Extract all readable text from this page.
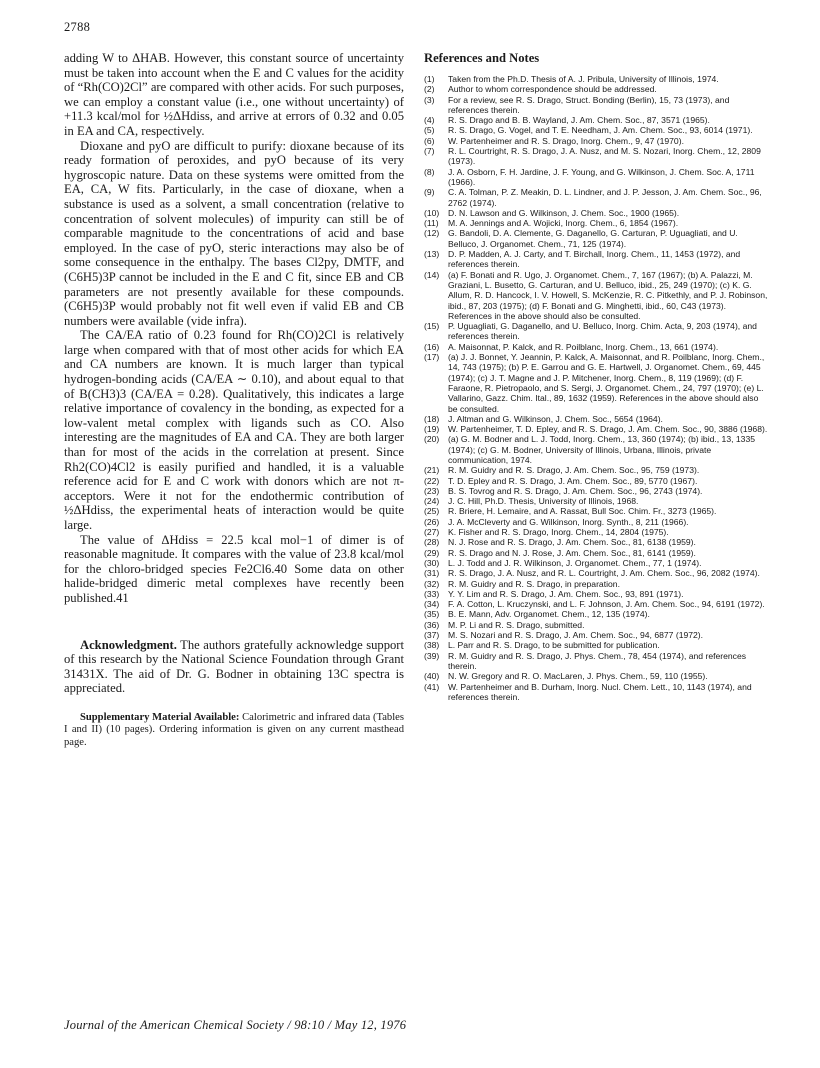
2788

adding W to ΔHAB. However, this constant source of uncertainty must be taken into account when the E and C values for the acidity of “Rh(CO)2Cl” are compared with other acids. For such purposes, we can employ a constant value (i.e., one without uncertainty) of +11.3 kcal/mol for ½ΔHdiss, and arrive at errors of 0.32 and 0.05 in EA and CA, respectively.

Dioxane and pyO are difficult to purify: dioxane because of its ready formation of peroxides, and pyO because of its very hygroscopic nature. Data on these systems were omitted from the EA, CA, W fits. Particularly, in the case of dioxane, when a substance is used as a solvent, a small concentration (relative to concentration of solvent molecules) of impurity can still be of comparable magnitude to the concentrations of acid and base employed. In the case of pyO, steric interactions may also be of some consequence in the enthalpy. The bases Cl2py, DMTF, and (C6H5)3P cannot be included in the E and C fit, since EB and CB parameters are not presently available for these compounds. (C6H5)3P would probably not fit well even if valid EB and CB numbers were available (vide infra).

The CA/EA ratio of 0.23 found for Rh(CO)2Cl is relatively large when compared with that of most other acids for which EA and CA numbers are known. It is much larger than typical hydrogen-bonding acids (CA/EA ∼ 0.10), and about equal to that of B(CH3)3 (CA/EA = 0.28). Qualitatively, this indicates a large relative importance of covalency in the bonding, as expected for a low-valent metal complex with ligands such as CO. Also interesting are the magnitudes of EA and CA. They are both larger than for most of the acids in the correlation at present. Since Rh2(CO)4Cl2 is easily purified and handled, it is a valuable reference acid for E and C work with donors which are not π-acceptors. Were it not for the endothermic contribution of ½ΔHdiss, the experimental heats of interaction would be quite large.

The value of ΔHdiss = 22.5 kcal mol−1 of dimer is of reasonable magnitude. It compares with the value of 23.8 kcal/mol for the chloro-bridged species Fe2Cl6.40 Some data on other halide-bridged dimeric metal complexes have recently been published.41

Acknowledgment. The authors gratefully acknowledge support of this research by the National Science Foundation through Grant 31431X. The aid of Dr. G. Bodner in obtaining 13C spectra is appreciated.

Supplementary Material Available: Calorimetric and infrared data (Tables I and II) (10 pages). Ordering information is given on any current masthead page.

References and Notes
(1)	Taken from the Ph.D. Thesis of A. J. Pribula, University of Illinois, 1974.
(2)	Author to whom correspondence should be addressed.
(3)	For a review, see R. S. Drago, Struct. Bonding (Berlin), 15, 73 (1973), and references therein.
(4)	R. S. Drago and B. B. Wayland, J. Am. Chem. Soc., 87, 3571 (1965).
(5)	R. S. Drago, G. Vogel, and T. E. Needham, J. Am. Chem. Soc., 93, 6014 (1971).
(6)	W. Partenheimer and R. S. Drago, Inorg. Chem., 9, 47 (1970).
(7)	R. L. Courtright, R. S. Drago, J. A. Nusz, and M. S. Nozari, Inorg. Chem., 12, 2809 (1973).
(8)	J. A. Osborn, F. H. Jardine, J. F. Young, and G. Wilkinson, J. Chem. Soc. A, 1711 (1966).
(9)	C. A. Tolman, P. Z. Meakin, D. L. Lindner, and J. P. Jesson, J. Am. Chem. Soc., 96, 2762 (1974).
(10)	D. N. Lawson and G. Wilkinson, J. Chem. Soc., 1900 (1965).
(11)	M. A. Jennings and A. Wojicki, Inorg. Chem., 6, 1854 (1967).
(12)	G. Bandoli, D. A. Clemente, G. Daganello, G. Carturan, P. Uguagliati, and U. Belluco, J. Organomet. Chem., 71, 125 (1974).
(13)	D. P. Madden, A. J. Carty, and T. Birchall, Inorg. Chem., 11, 1453 (1972), and references therein.
(14)	(a) F. Bonati and R. Ugo, J. Organomet. Chem., 7, 167 (1967); (b) A. Palazzi, M. Graziani, L. Busetto, G. Carturan, and U. Belluco, ibid., 25, 249 (1970); (c) K. G. Allum, R. D. Hancock, I. V. Howell, S. McKenzie, R. C. Pitkethly, and P. J. Robinson, ibid., 87, 203 (1975); (d) F. Bonati and G. Minghetti, ibid., 60, C43 (1973). References in the above should also be consulted.
(15)	P. Uguagliati, G. Daganello, and U. Belluco, Inorg. Chim. Acta, 9, 203 (1974), and references therein.
(16)	A. Maisonnat, P. Kalck, and R. Poilblanc, Inorg. Chem., 13, 661 (1974).
(17)	(a) J. J. Bonnet, Y. Jeannin, P. Kalck, A. Maisonnat, and R. Poilblanc, Inorg. Chem., 14, 743 (1975); (b) P. E. Garrou and G. E. Hartwell, J. Organomet. Chem., 69, 445 (1974); (c) J. T. Magne and J. P. Mitchener, Inorg. Chem., 8, 119 (1969); (d) F. Faraone, R. Pietropaolo, and S. Sergi, J. Organomet. Chem., 24, 797 (1970); (e) L. Vallarino, Gazz. Chim. Ital., 89, 1632 (1959). References in the above should also be consulted.
(18)	J. Altman and G. Wilkinson, J. Chem. Soc., 5654 (1964).
(19)	W. Partenheimer, T. D. Epley, and R. S. Drago, J. Am. Chem. Soc., 90, 3886 (1968).
(20)	(a) G. M. Bodner and L. J. Todd, Inorg. Chem., 13, 360 (1974); (b) ibid., 13, 1335 (1974); (c) G. M. Bodner, University of Illinois, Urbana, Illinois, private communication, 1974.
(21)	R. M. Guidry and R. S. Drago, J. Am. Chem. Soc., 95, 759 (1973).
(22)	T. D. Epley and R. S. Drago, J. Am. Chem. Soc., 89, 5770 (1967).
(23)	B. S. Tovrog and R. S. Drago, J. Am. Chem. Soc., 96, 2743 (1974).
(24)	J. C. Hill, Ph.D. Thesis, University of Illinois, 1968.
(25)	R. Briere, H. Lemaire, and A. Rassat, Bull Soc. Chim. Fr., 3273 (1965).
(26)	J. A. McCleverty and G. Wilkinson, Inorg. Synth., 8, 211 (1966).
(27)	K. Fisher and R. S. Drago, Inorg. Chem., 14, 2804 (1975).
(28)	N. J. Rose and R. S. Drago, J. Am. Chem. Soc., 81, 6138 (1959).
(29)	R. S. Drago and N. J. Rose, J. Am. Chem. Soc., 81, 6141 (1959).
(30)	L. J. Todd and J. R. Wilkinson, J. Organomet. Chem., 77, 1 (1974).
(31)	R. S. Drago, J. A. Nusz, and R. L. Courtright, J. Am. Chem. Soc., 96, 2082 (1974).
(32)	R. M. Guidry and R. S. Drago, in preparation.
(33)	Y. Y. Lim and R. S. Drago, J. Am. Chem. Soc., 93, 891 (1971).
(34)	F. A. Cotton, L. Kruczynski, and L. F. Johnson, J. Am. Chem. Soc., 94, 6191 (1972).
(35)	B. E. Mann, Adv. Organomet. Chem., 12, 135 (1974).
(36)	M. P. Li and R. S. Drago, submitted.
(37)	M. S. Nozari and R. S. Drago, J. Am. Chem. Soc., 94, 6877 (1972).
(38)	L. Parr and R. S. Drago, to be submitted for publication.
(39)	R. M. Guidry and R. S. Drago, J. Phys. Chem., 78, 454 (1974), and references therein.
(40)	N. W. Gregory and R. O. MacLaren, J. Phys. Chem., 59, 110 (1955).
(41)	W. Partenheimer and B. Durham, Inorg. Nucl. Chem. Lett., 10, 1143 (1974), and references therein.
Journal of the American Chemical Society / 98:10 / May 12, 1976
